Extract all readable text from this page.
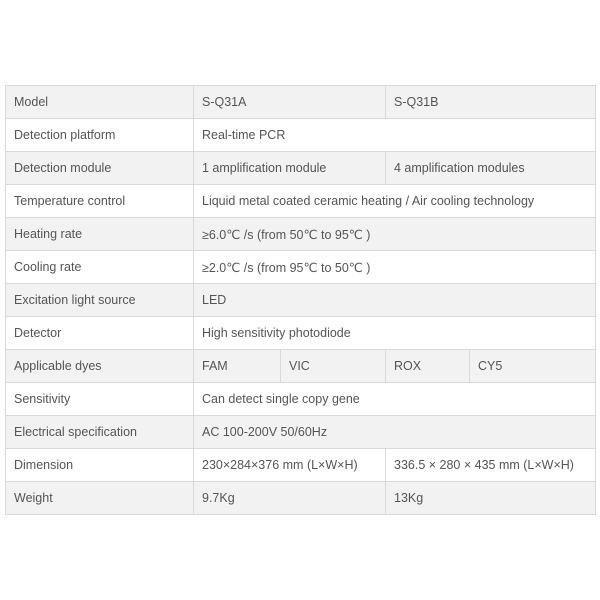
Model	S-Q31A		S-Q31B	
Detection platform	Real-time PCR			
Detection module	1 amplification module		4 amplification modules	
Temperature control	Liquid metal coated ceramic heating / Air cooling technology			
Heating rate	≥6.0℃ /s (from 50℃ to 95℃ )			
Cooling rate	≥2.0℃ /s (from 95℃ to 50℃ )			
Excitation light source	LED			
Detector	High sensitivity photodiode			
Applicable dyes	FAM	VIC	ROX	CY5
Sensitivity	Can detect single copy gene			
Electrical specification	AC 100-200V 50/60Hz			
Dimension	230×284×376 mm (L×W×H)		336.5 × 280 × 435 mm (L×W×H)	
Weight	9.7Kg		13Kg	
